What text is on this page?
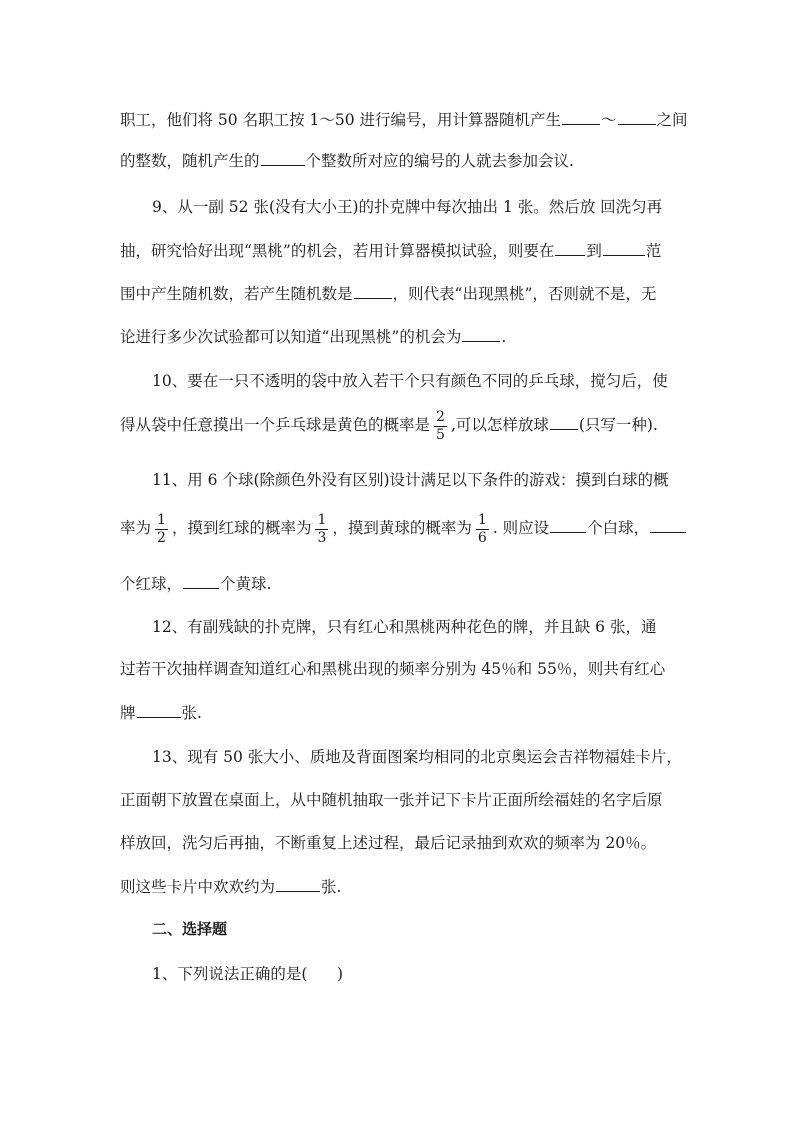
职工，他们将 50 名职工按 1～50 进行编号，用计算器随机产生	～	之间
的整数，随机产生的	个整数所对应的编号的人就去参加会议.
9、从一副 52 张(没有大小王)的扑克牌中每次抽出 1 张。然后放 回洗匀再
抽，研究恰好出现“黑桃”的机会，若用计算器模拟试验，则要在 到	范
围中产生随机数，若产生随机数是	，则代表“出现黑桃”，否则就不是，无
论进行多少次试验都可以知道“出现黑桃”的机会为	.
10、要在一只不透明的袋中放入若干个只有颜色不同的乒乓球，搅匀后，使
得从袋中任意摸出一个乒乓球是黄色的概率是 $\frac{2}{5}$ ,可以怎样放球 (只写一种).
11、用 6 个球(除颜色外没有区别)设计满足以下条件的游戏：摸到白球的概
率为 $\frac{1}{2}$ ，摸到红球的概率为 $\frac{1}{3}$ ，摸到黄球的概率为 $\frac{1}{6}$ . 则应设 个白球，
个红球， 个黄球.
12、有副残缺的扑克牌，只有红心和黑桃两种花色的牌，并且缺 6 张，通
过若干次抽样调查知道红心和黑桃出现的频率分别为 45％和 55％，则共有红心
牌	张.
13、现有 50 张大小、质地及背面图案均相同的北京奥运会吉祥物福娃卡片，
正面朝下放置在桌面上，从中随机抽取一张并记下卡片正面所绘福娃的名字后原
样放回，洗匀后再抽，不断重复上述过程，最后记录抽到欢欢的频率为 20％。
则这些卡片中欢欢约为	张.
二、选择题
1、下列说法正确的是(      )
